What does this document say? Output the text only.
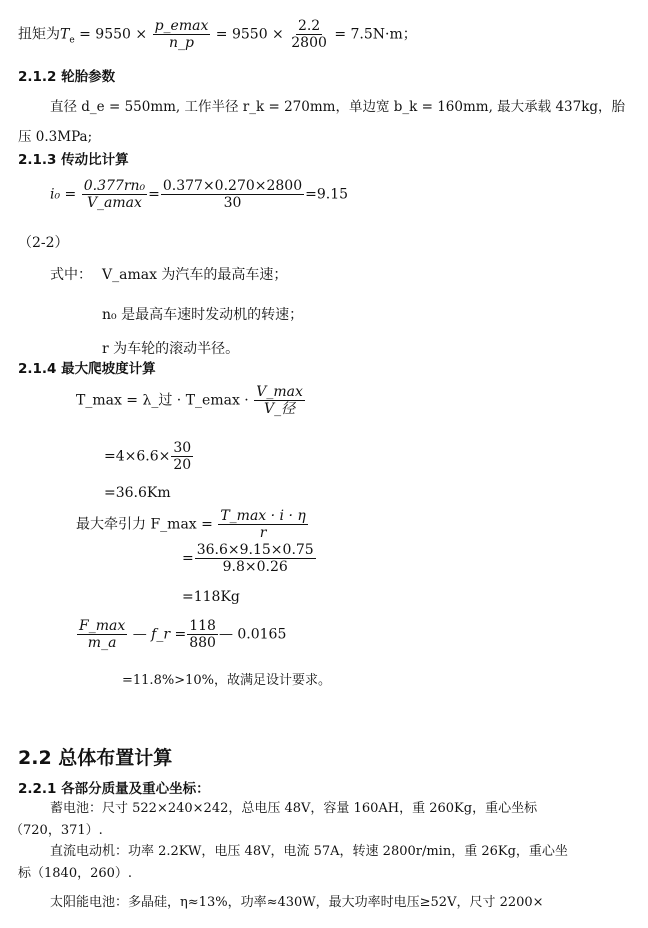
扭矩为$T_e = 9550 \times \frac{p\_emax}{n\_p} = 9550 \times \frac{2.2}{2800} = 7.5N\cdot m$；
2.1.2 轮胎参数
直径 d_e = 550mm, 工作半径 r_k = 270mm，单边宽 b_k = 160mm, 最大承载 437kg，胎
压 0.3MPa;
2.1.3 传动比计算
$i_0 = \frac{\text{0.377rn₀}}{V\_amax} = \frac{0.377\times 0.270\times 2800}{30} =9.15$
（2-2）
式中： V_amax 为汽车的最高车速；
n₀ 是最高车速时发动机的转速；
r 为车轮的滚动半径。
2.1.4 最大爬坡度计算
T_max = λ_过 · T_emax · $\frac{V\_\max}{\text{V\_径}}$
$=4\times 6.6\times \frac{30}{20}$
=36.6Km
最大牵引力 F_max = $\frac{T\_\max \cdot i \cdot \eta}{r}$
= $\frac{36.6\times 9.15\times 0.75}{9.8\times 0.26}$
=118Kg
$\frac{F\_\max}{m\_a}$ — f_r = $\frac{118}{880}$ — 0.0165
=11.8%>10%，故满足设计要求。
2.2 总体布置计算
2.2.1 各部分质量及重心坐标：
蓄电池：尺寸 522×240×242，总电压 48V，容量 160AH，重 260Kg，重心坐标
（720，371）.
直流电动机：功率 2.2KW，电压 48V，电流 57A，转速 2800r/min，重 26Kg，重心坐
标（1840，260）.
太阳能电池：多晶硅，η≈13%，功率≈430W，最大功率时电压≥52V，尺寸 2200×
